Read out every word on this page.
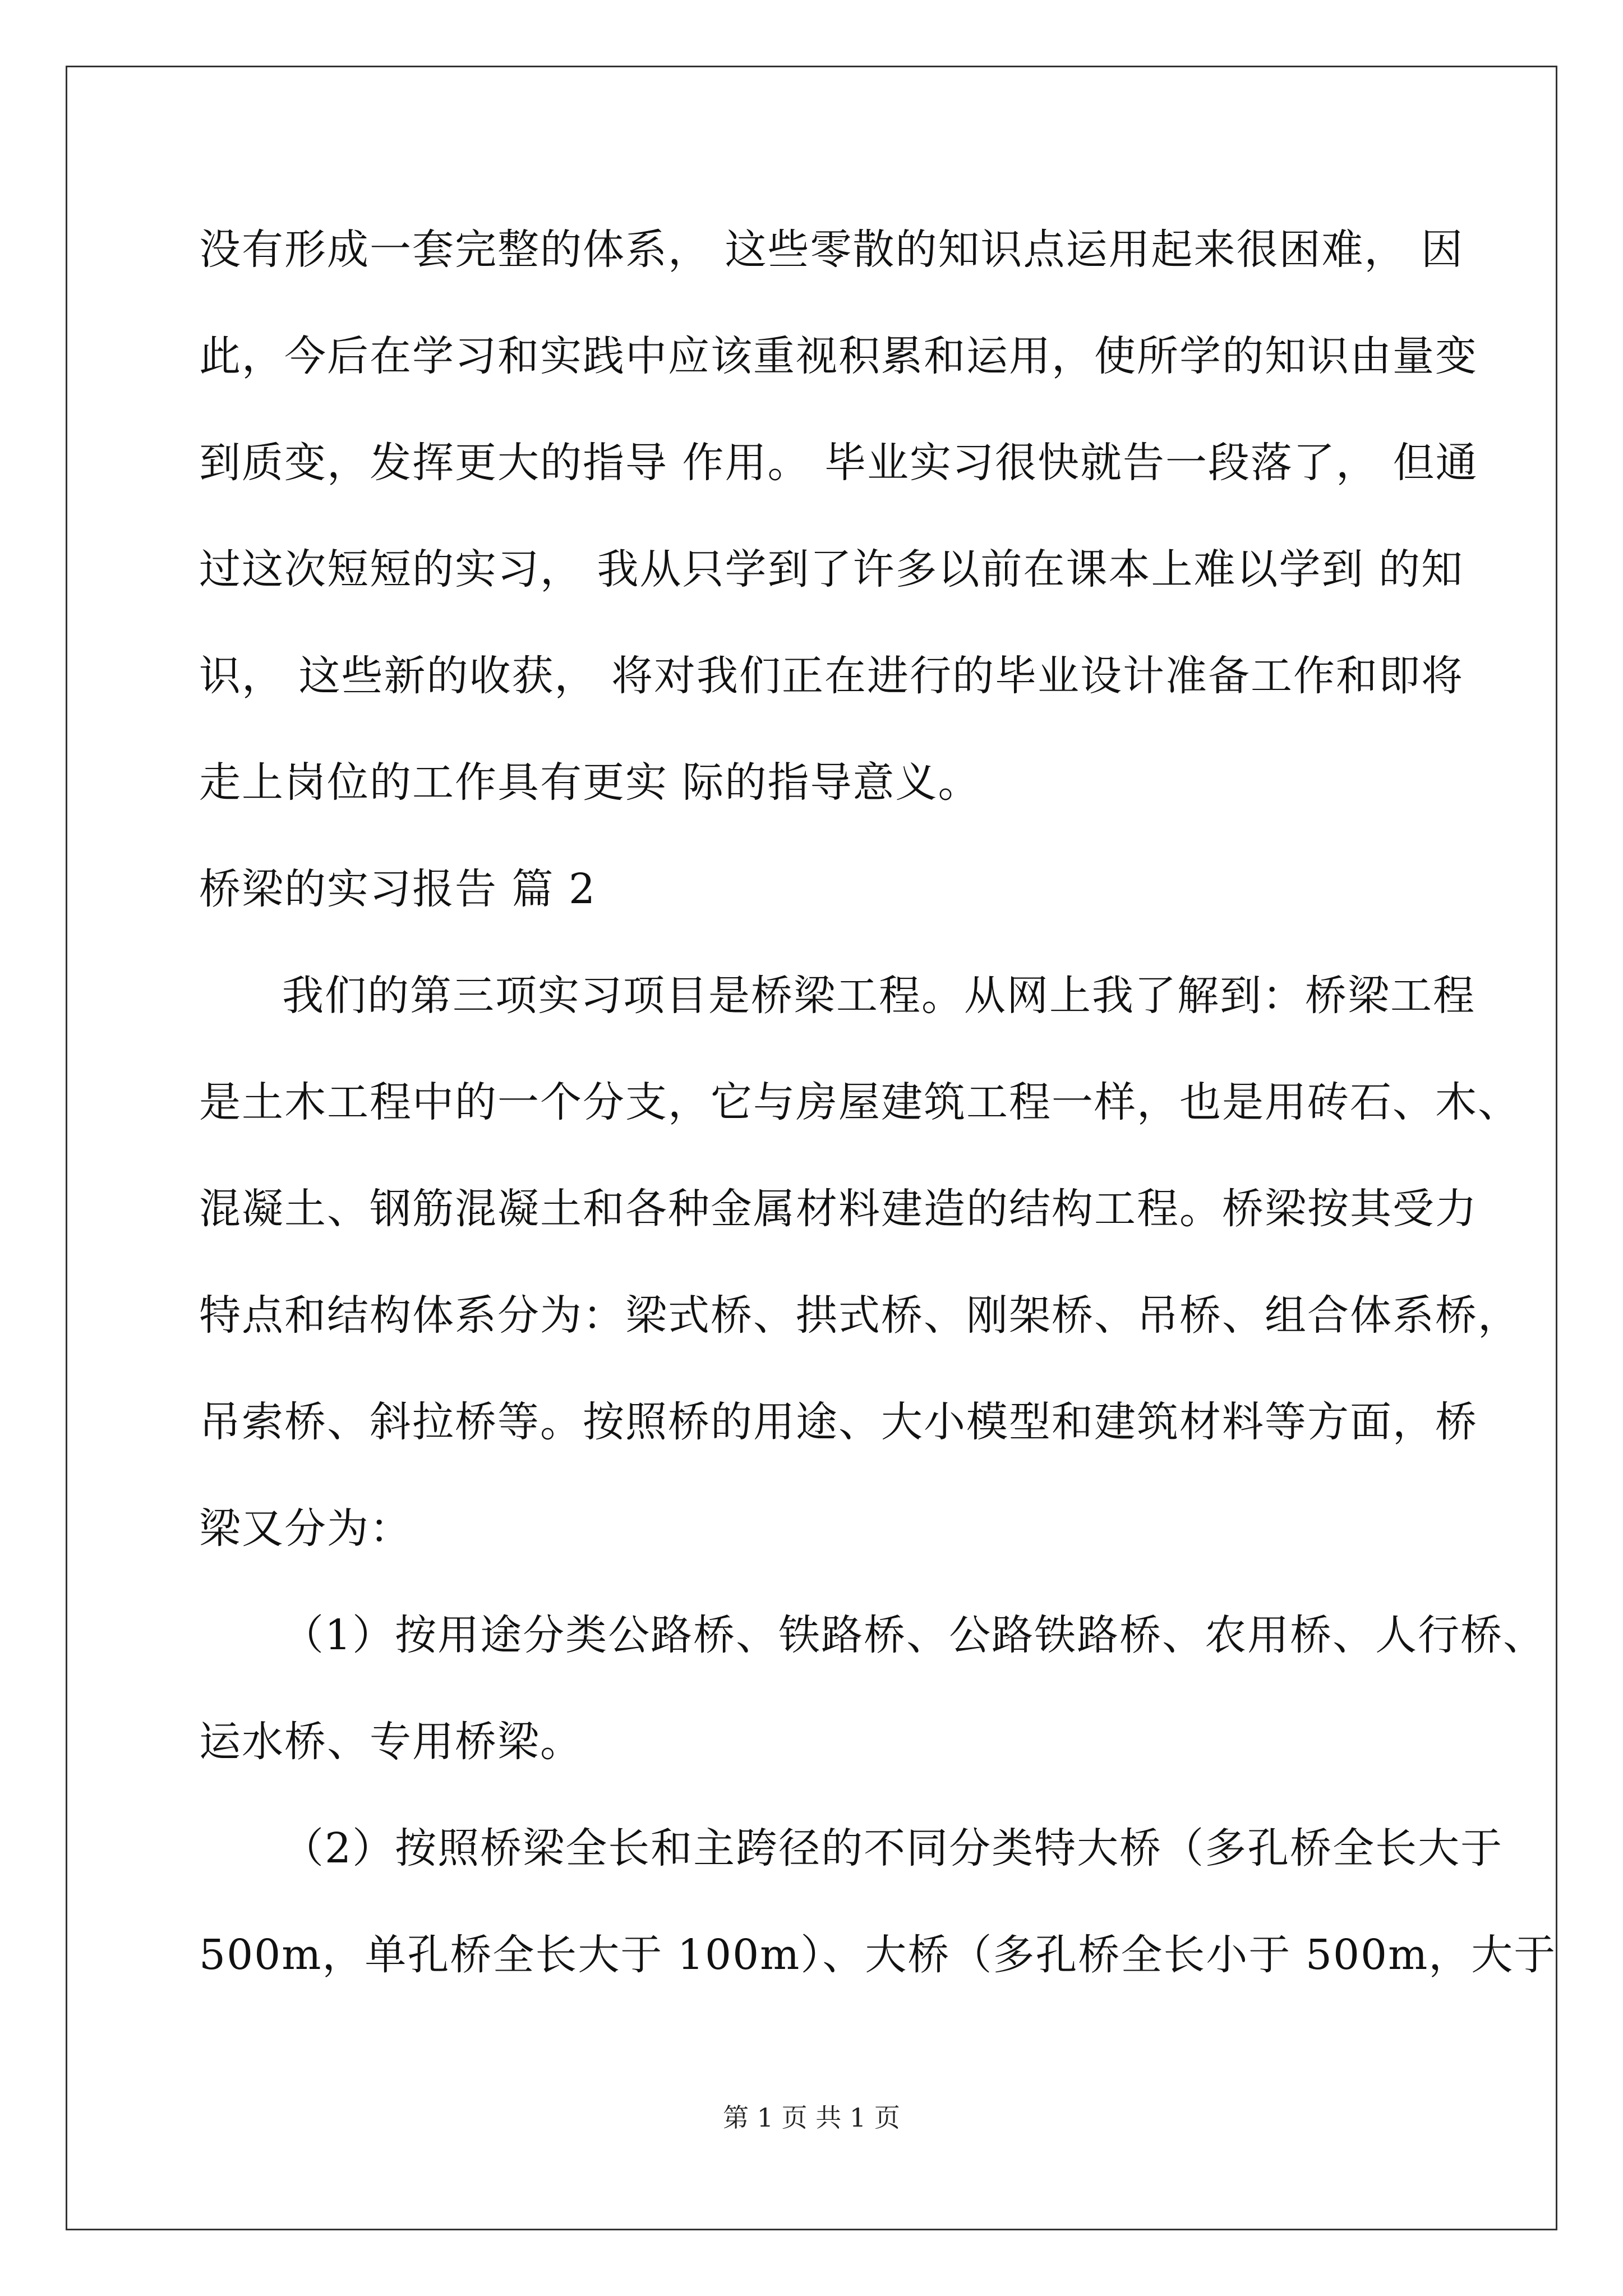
没有形成一套完整的体系， 这些零散的知识点运用起来很困难， 因
此，今后在学习和实践中应该重视积累和运用，使所学的知识由量变
到质变，发挥更大的指导 作用。 毕业实习很快就告一段落了， 但通
过这次短短的实习， 我从只学到了许多以前在课本上难以学到 的知
识， 这些新的收获， 将对我们正在进行的毕业设计准备工作和即将
走上岗位的工作具有更实 际的指导意义。
桥梁的实习报告 篇 2
我们的第三项实习项目是桥梁工程。从网上我了解到：桥梁工程
是土木工程中的一个分支，它与房屋建筑工程一样，也是用砖石、木、
混凝土、钢筋混凝土和各种金属材料建造的结构工程。桥梁按其受力
特点和结构体系分为：梁式桥、拱式桥、刚架桥、吊桥、组合体系桥，
吊索桥、斜拉桥等。按照桥的用途、大小模型和建筑材料等方面，桥
梁又分为：
（1）按用途分类公路桥、铁路桥、公路铁路桥、农用桥、人行桥、
运水桥、专用桥梁。
（2）按照桥梁全长和主跨径的不同分类特大桥（多孔桥全长大于
500m，单孔桥全长大于 100m）、大桥（多孔桥全长小于 500m，大于
第 1 页 共 1 页
